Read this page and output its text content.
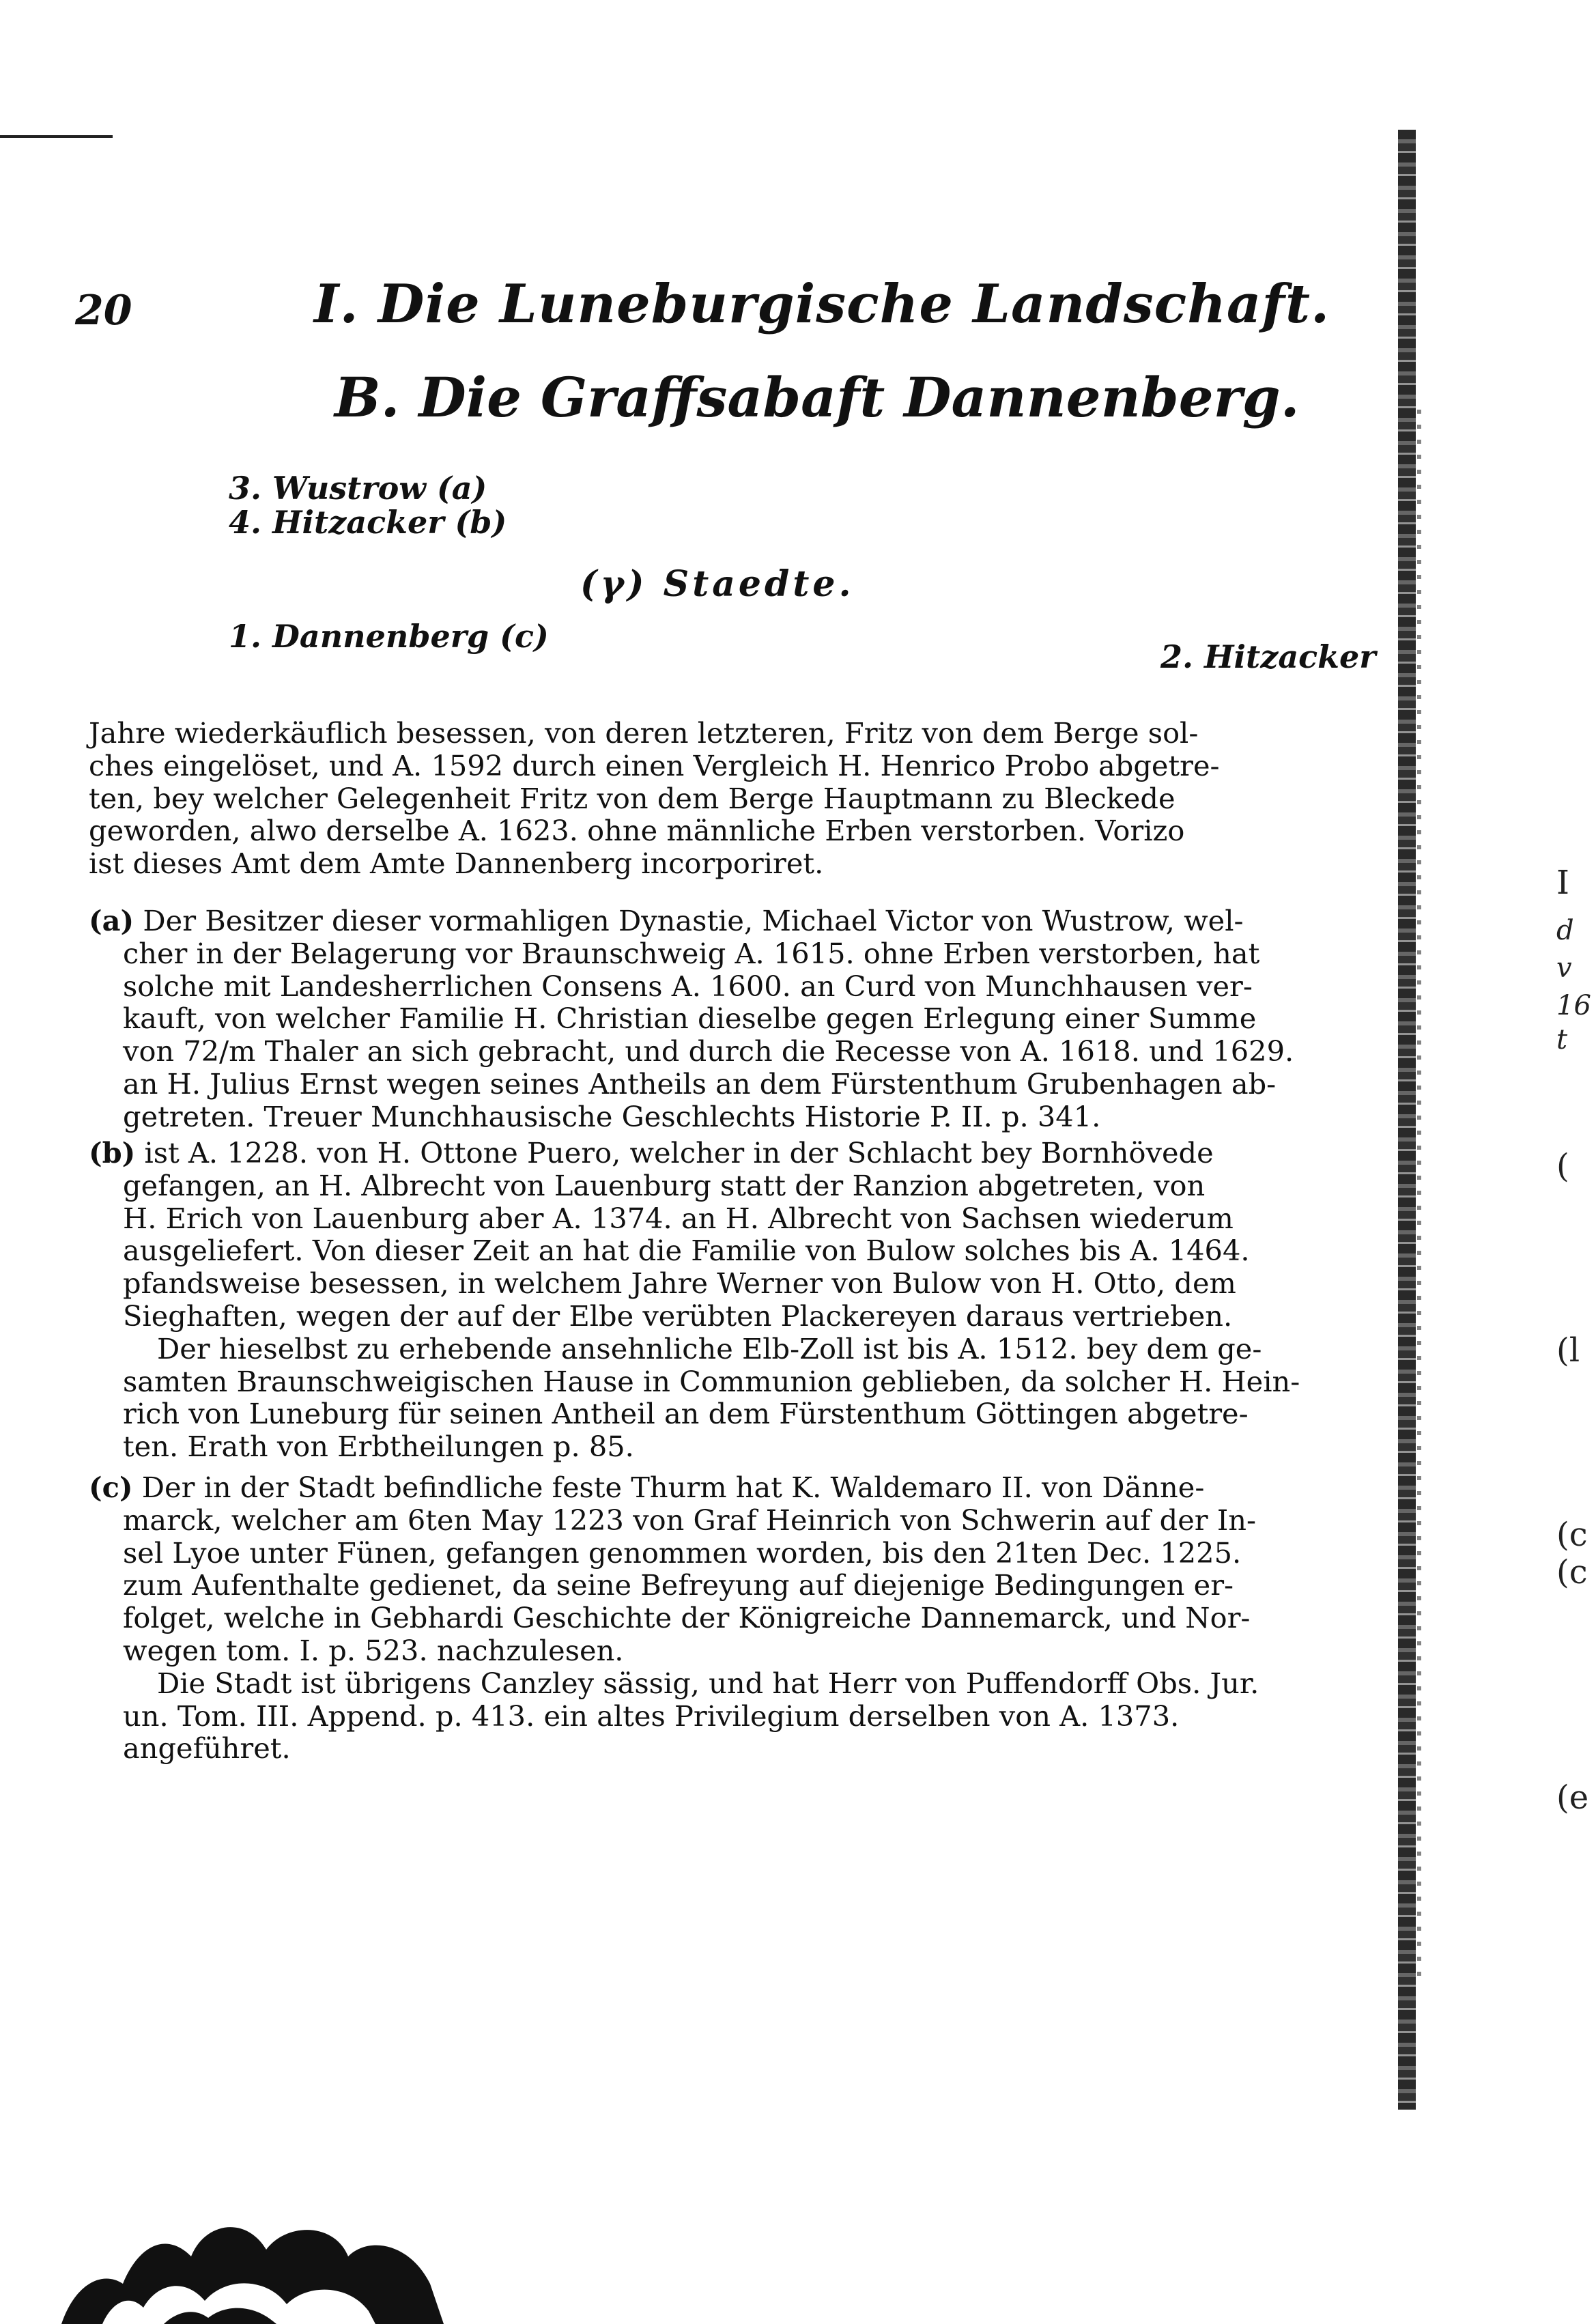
I
d
v
16
t
(
(l
(c
(c
(e
20	I. Die Luneburgische Landschaft.
B. Die Graffsabaft Dannenberg.
3. Wustrow (a)
4. Hitzacker (b)
(γ) Staedte.
1. Dannenberg (c)
2. Hitzacker

Jahre wiederkäuflich besessen, von deren letzteren, Fritz von dem Berge sol-

ches eingelöset, und A. 1592 durch einen Vergleich H. Henrico Probo abgetre-

ten, bey welcher Gelegenheit Fritz von dem Berge Hauptmann zu Bleckede

geworden, alwo derselbe A. 1623. ohne männliche Erben verstorben. Vorizo

ist dieses Amt dem Amte Dannenberg incorporiret.

(a) Der Besitzer dieser vormahligen Dynastie, Michael Victor von Wustrow, wel-

cher in der Belagerung vor Braunschweig A. 1615. ohne Erben verstorben, hat

solche mit Landesherrlichen Consens A. 1600. an Curd von Munchhausen ver-

kauft, von welcher Familie H. Christian dieselbe gegen Erlegung einer Summe

von 72/m Thaler an sich gebracht, und durch die Recesse von A. 1618. und 1629.

an H. Julius Ernst wegen seines Antheils an dem Fürstenthum Grubenhagen ab-

getreten. Treuer Munchhausische Geschlechts Historie P. II. p. 341.

(b) ist A. 1228. von H. Ottone Puero, welcher in der Schlacht bey Bornhövede

gefangen, an H. Albrecht von Lauenburg statt der Ranzion abgetreten, von

H. Erich von Lauenburg aber A. 1374. an H. Albrecht von Sachsen wiederum

ausgeliefert. Von dieser Zeit an hat die Familie von Bulow solches bis A. 1464.

pfandsweise besessen, in welchem Jahre Werner von Bulow von H. Otto, dem

Sieghaften, wegen der auf der Elbe verübten Plackereyen daraus vertrieben.

Der hieselbst zu erhebende ansehnliche Elb-Zoll ist bis A. 1512. bey dem ge-

samten Braunschweigischen Hause in Communion geblieben, da solcher H. Hein-

rich von Luneburg für seinen Antheil an dem Fürstenthum Göttingen abgetre-

ten. Erath von Erbtheilungen p. 85.

(c) Der in der Stadt befindliche feste Thurm hat K. Waldemaro II. von Dänne-

marck, welcher am 6ten May 1223 von Graf Heinrich von Schwerin auf der In-

sel Lyoe unter Fünen, gefangen genommen worden, bis den 21ten Dec. 1225.

zum Aufenthalte gedienet, da seine Befreyung auf diejenige Bedingungen er-

folget, welche in Gebhardi Geschichte der Königreiche Dannemarck, und Nor-

wegen tom. I. p. 523. nachzulesen.

Die Stadt ist übrigens Canzley sässig, und hat Herr von Puffendorff Obs. Jur.

un. Tom. III. Append. p. 413. ein altes Privilegium derselben von A. 1373.

angeführet.
